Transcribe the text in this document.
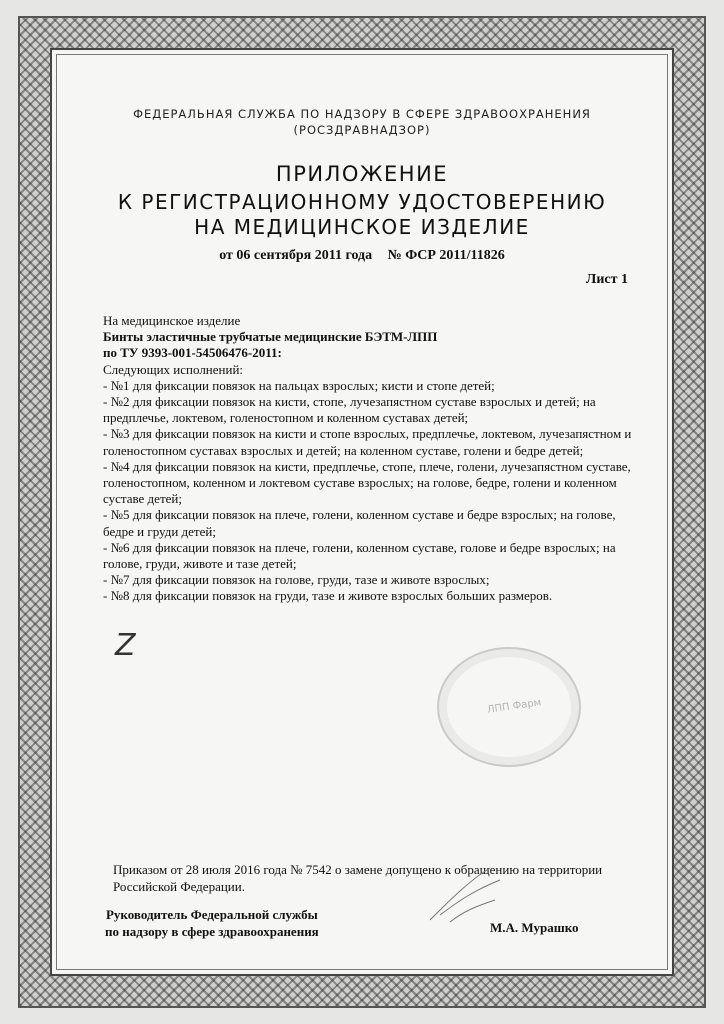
ФЕДЕРАЛЬНАЯ СЛУЖБА ПО НАДЗОРУ В СФЕРЕ ЗДРАВООХРАНЕНИЯ
(РОСЗДРАВНАДЗОР)
ПРИЛОЖЕНИЕ
К РЕГИСТРАЦИОННОМУ УДОСТОВЕРЕНИЮ
НА МЕДИЦИНСКОЕ ИЗДЕЛИЕ
от 06 сентября 2011 года № ФСР 2011/11826
Лист 1

На медицинское изделие

Бинты эластичные трубчатые медицинские БЭТМ-ЛПП

по ТУ 9393-001-54506476-2011:

Следующих исполнений:

- №1 для фиксации повязок на пальцах взрослых; кисти и стопе детей;

- №2 для фиксации повязок на кисти, стопе, лучезапястном суставе взрослых и детей; на предплечье, локтевом, голеностопном и коленном суставах детей;

- №3 для фиксации повязок на кисти и стопе взрослых, предплечье, локтевом, лучезапястном и голеностопном суставах взрослых и детей; на коленном суставе, голени и бедре детей;

- №4 для фиксации повязок на кисти, предплечье, стопе, плече, голени, лучезапястном суставе, голеностопном, коленном и локтевом суставе взрослых; на голове, бедре, голени и коленном суставе детей;

- №5 для фиксации повязок на плече, голени, коленном суставе и бедре взрослых; на голове, бедре и груди детей;

- №6 для фиксации повязок на плече, голени, коленном суставе, голове и бедре взрослых; на голове, груди, животе и тазе детей;

- №7 для фиксации повязок на голове, груди, тазе и животе взрослых;

- №8 для фиксации повязок на груди, тазе и животе взрослых больших размеров.

Z
ЛПП Фарм
Приказом от 28 июля 2016 года № 7542 о замене допущено к обращению на территории Российской Федерации.
Руководитель Федеральной службы
по надзору в сфере здравоохранения	М.А. Мурашко
